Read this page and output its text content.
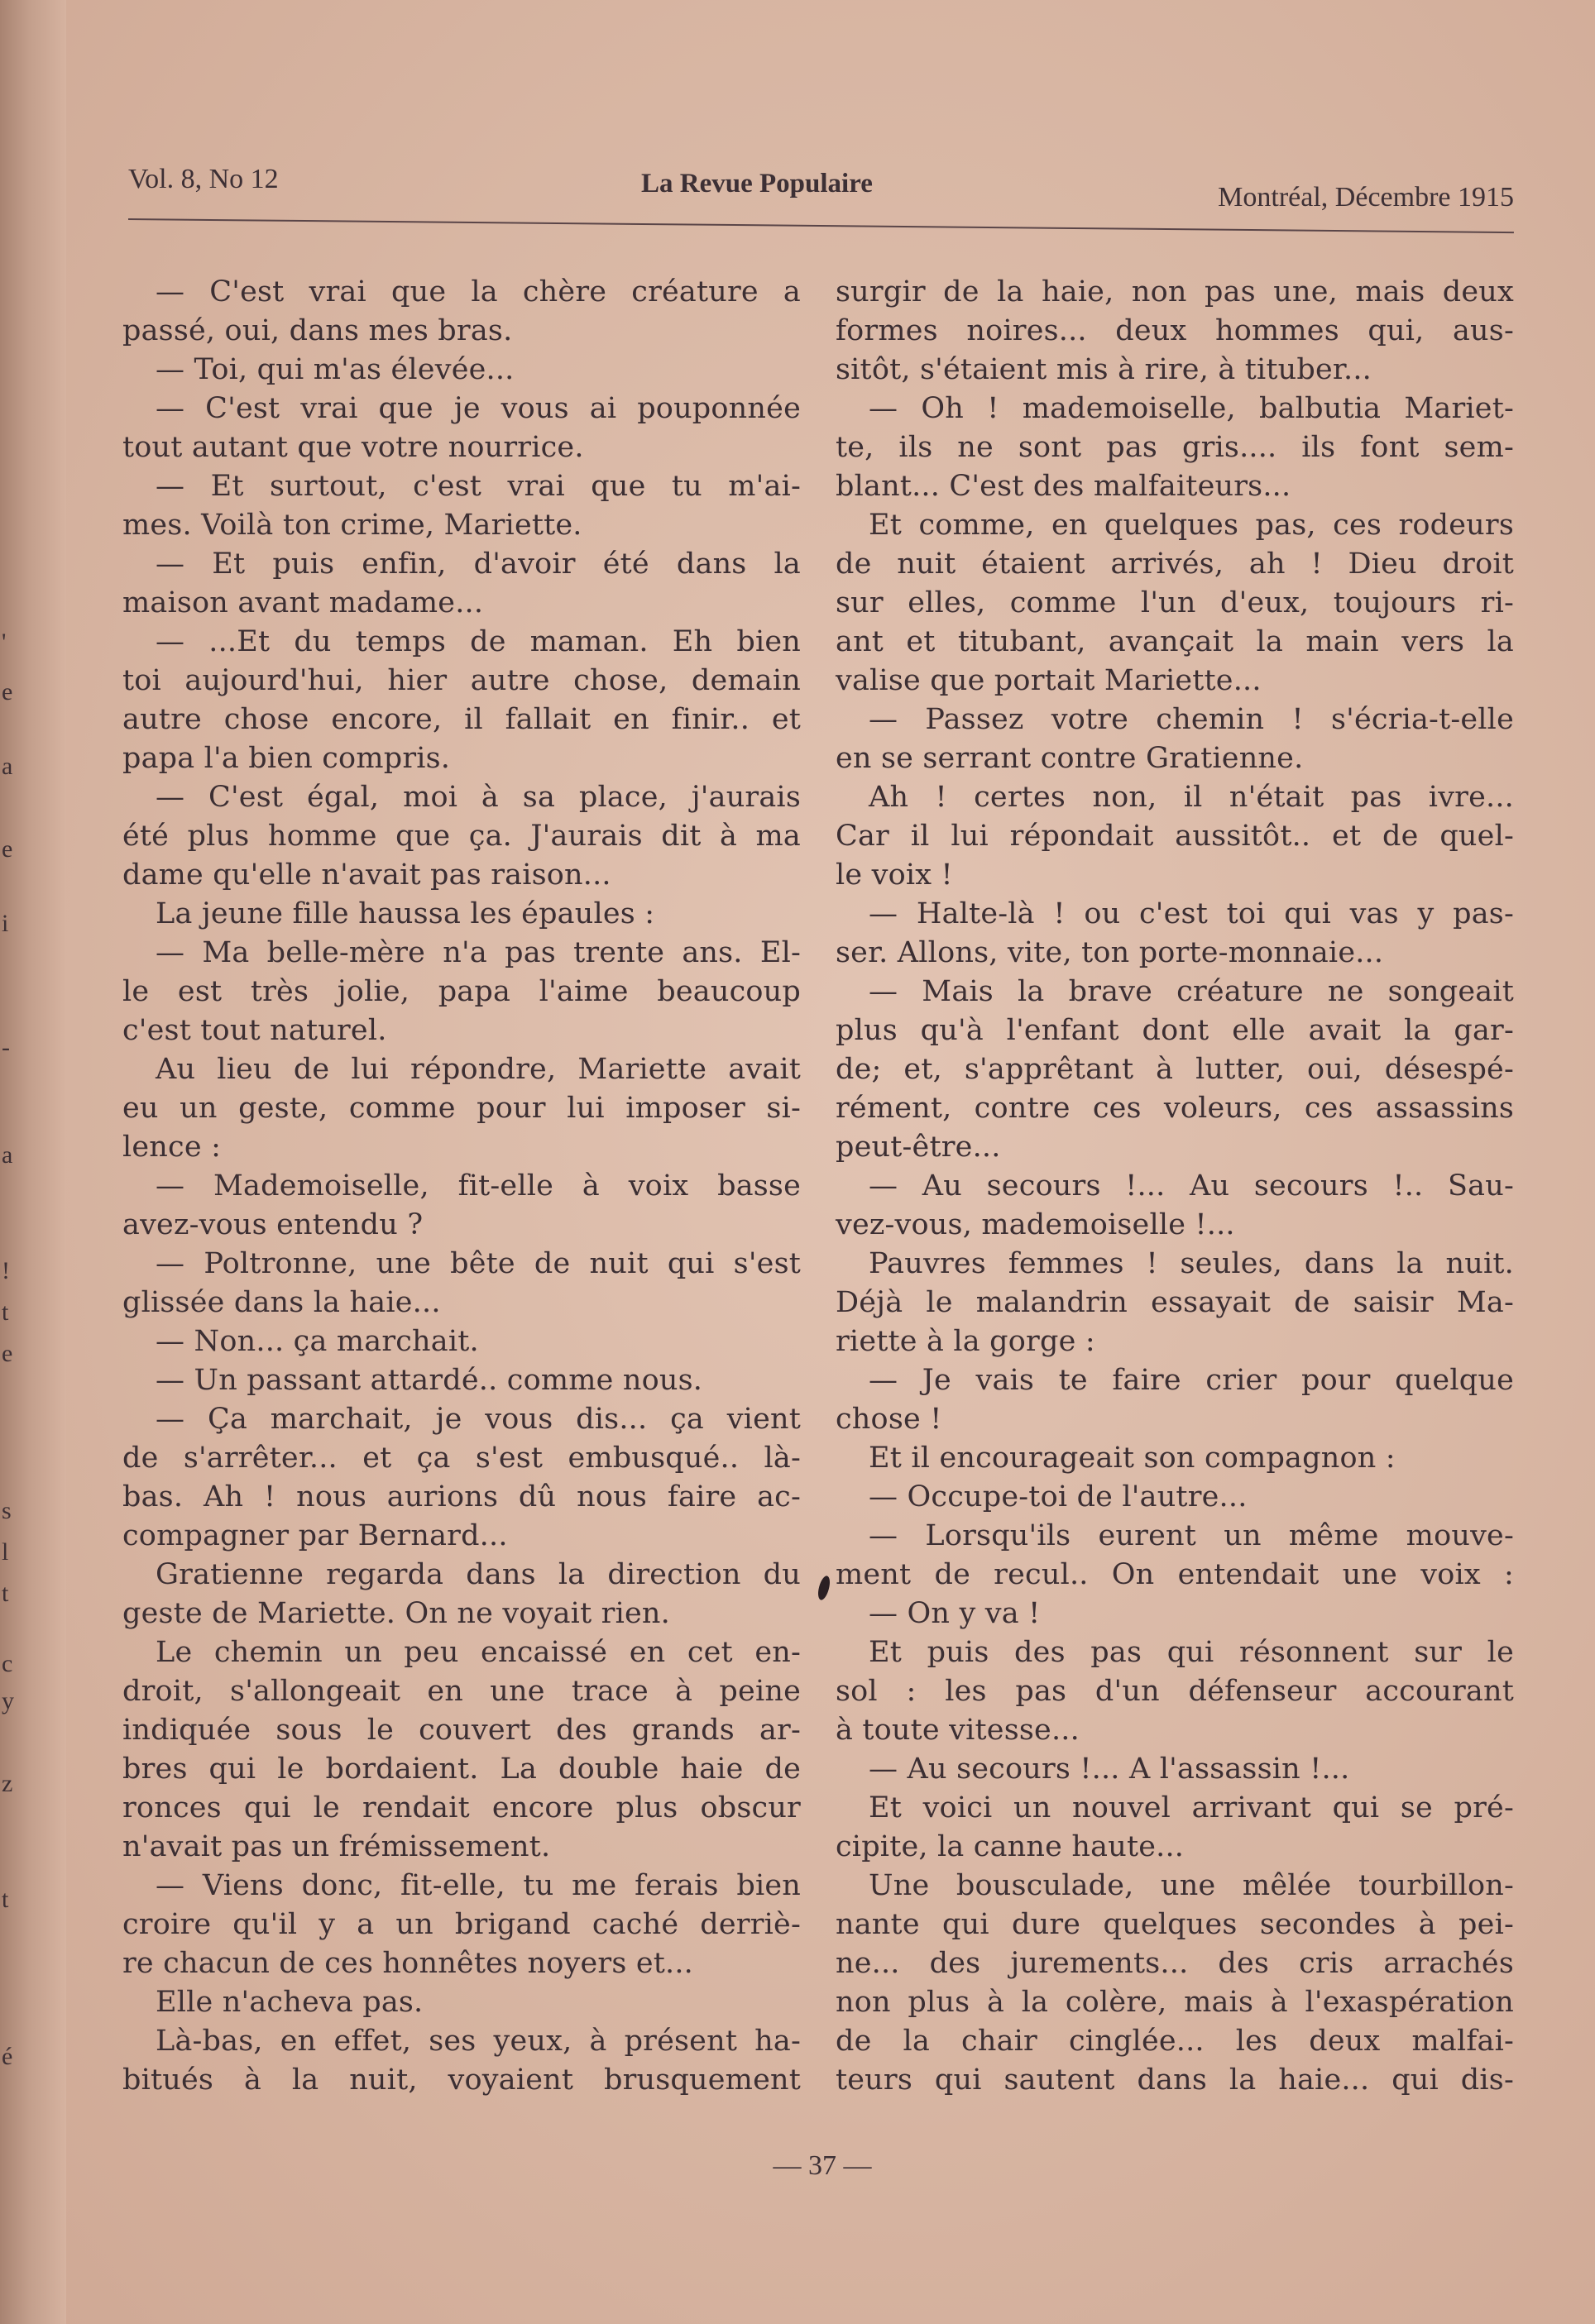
'
e
a
e
i
-
a
!
t
e
s
l
t
c
y
z
t
é
Vol. 8, No 12	La Revue Populaire	Montréal, Décembre 1915
— C'est vrai que la chère créature a
passé, oui, dans mes bras.
— Toi, qui m'as élevée...
— C'est vrai que je vous ai pouponnée
tout autant que votre nourrice.
— Et surtout, c'est vrai que tu m'ai-
mes. Voilà ton crime, Mariette.
— Et puis enfin, d'avoir été dans la
maison avant madame...
— ...Et du temps de maman. Eh bien
toi aujourd'hui, hier autre chose, demain
autre chose encore, il fallait en finir.. et
papa l'a bien compris.
— C'est égal, moi à sa place, j'aurais
été plus homme que ça. J'aurais dit à ma
dame qu'elle n'avait pas raison...
La jeune fille haussa les épaules :
— Ma belle-mère n'a pas trente ans. El-
le est très jolie, papa l'aime beaucoup
c'est tout naturel.
Au lieu de lui répondre, Mariette avait
eu un geste, comme pour lui imposer si-
lence :
— Mademoiselle, fit-elle à voix basse
avez-vous entendu ?
— Poltronne, une bête de nuit qui s'est
glissée dans la haie...
— Non... ça marchait.
— Un passant attardé.. comme nous.
— Ça marchait, je vous dis... ça vient
de s'arrêter... et ça s'est embusqué.. là-
bas. Ah ! nous aurions dû nous faire ac-
compagner par Bernard...
Gratienne regarda dans la direction du
geste de Mariette. On ne voyait rien.
Le chemin un peu encaissé en cet en-
droit, s'allongeait en une trace à peine
indiquée sous le couvert des grands ar-
bres qui le bordaient. La double haie de
ronces qui le rendait encore plus obscur
n'avait pas un frémissement.
— Viens donc, fit-elle, tu me ferais bien
croire qu'il y a un brigand caché derriè-
re chacun de ces honnêtes noyers et...
Elle n'acheva pas.
Là-bas, en effet, ses yeux, à présent ha-
bitués à la nuit, voyaient brusquement
surgir de la haie, non pas une, mais deux
formes noires... deux hommes qui, aus-
sitôt, s'étaient mis à rire, à tituber...
— Oh ! mademoiselle, balbutia Mariet-
te, ils ne sont pas gris.... ils font sem-
blant... C'est des malfaiteurs...
Et comme, en quelques pas, ces rodeurs
de nuit étaient arrivés, ah ! Dieu droit
sur elles, comme l'un d'eux, toujours ri-
ant et titubant, avançait la main vers la
valise que portait Mariette...
— Passez votre chemin ! s'écria-t-elle
en se serrant contre Gratienne.
Ah ! certes non, il n'était pas ivre...
Car il lui répondait aussitôt.. et de quel-
le voix !
— Halte-là ! ou c'est toi qui vas y pas-
ser. Allons, vite, ton porte-monnaie...
— Mais la brave créature ne songeait
plus qu'à l'enfant dont elle avait la gar-
de; et, s'apprêtant à lutter, oui, désespé-
rément, contre ces voleurs, ces assassins
peut-être...
— Au secours !... Au secours !.. Sau-
vez-vous, mademoiselle !...
Pauvres femmes ! seules, dans la nuit.
Déjà le malandrin essayait de saisir Ma-
riette à la gorge :
— Je vais te faire crier pour quelque
chose !
Et il encourageait son compagnon :
— Occupe-toi de l'autre...
— Lorsqu'ils eurent un même mouve-
ment de recul.. On entendait une voix :
— On y va !
Et puis des pas qui résonnent sur le
sol : les pas d'un défenseur accourant
à toute vitesse...
— Au secours !... A l'assassin !...
Et voici un nouvel arrivant qui se pré-
cipite, la canne haute...
Une bousculade, une mêlée tourbillon-
nante qui dure quelques secondes à pei-
ne... des jurements... des cris arrachés
non plus à la colère, mais à l'exaspération
de la chair cinglée... les deux malfai-
teurs qui sautent dans la haie... qui dis-
— 37 —
